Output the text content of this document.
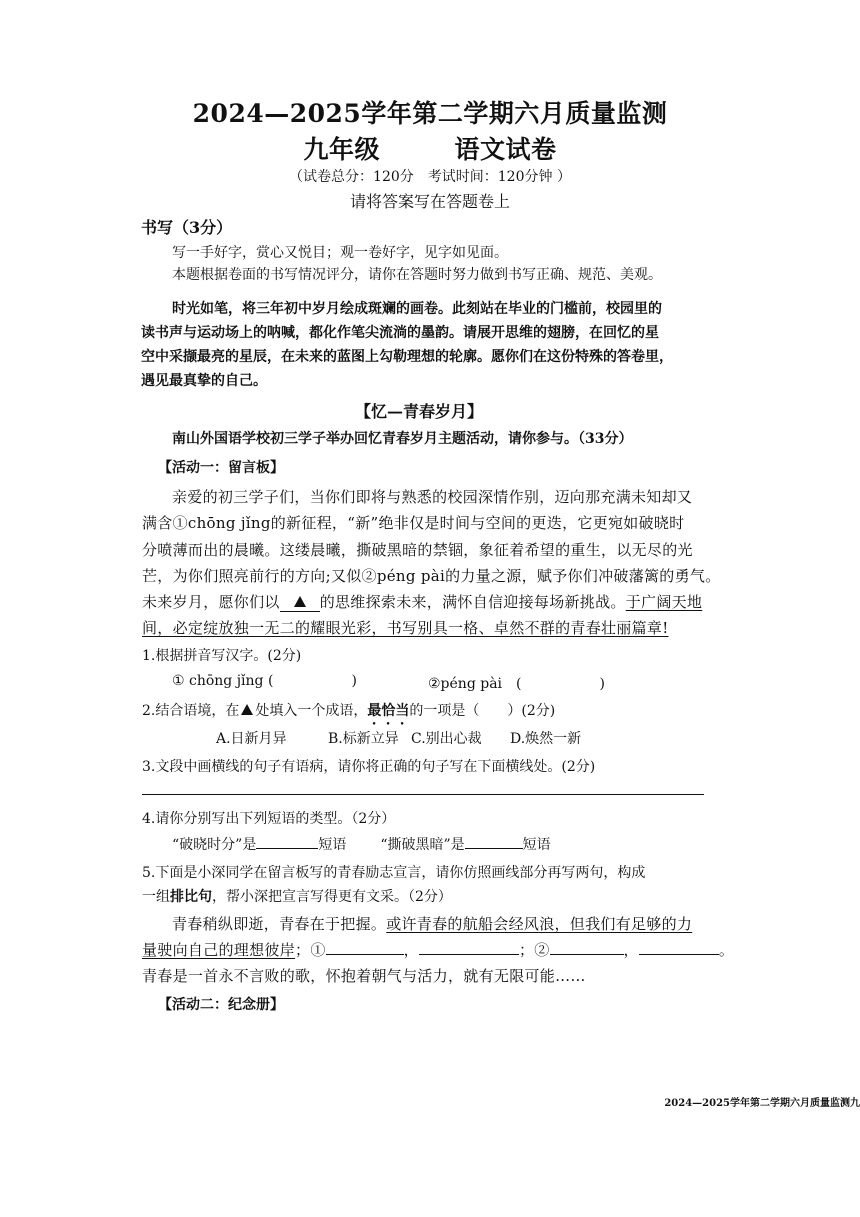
2024—2025学年第二学期六月质量监测
九年级	语文试卷
（试卷总分：120分　考试时间：120分钟 ）
请将答案写在答题卷上
书写（3分）
写一手好字，赏心又悦目；观一卷好字，见字如见面。
本题根据卷面的书写情况评分，请你在答题时努力做到书写正确、规范、美观。
时光如笔，将三年初中岁月绘成斑斓的画卷。此刻站在毕业的门槛前，校园里的
读书声与运动场上的呐喊，都化作笔尖流淌的墨韵。请展开思维的翅膀，在回忆的星
空中采撷最亮的星辰，在未来的蓝图上勾勒理想的轮廓。愿你们在这份特殊的答卷里，
遇见最真挚的自己。
【忆—青春岁月】
南山外国语学校初三学子举办回忆青春岁月主题活动，请你参与。（33分）
【活动一：留言板】
亲爱的初三学子们，当你们即将与熟悉的校园深情作别，迈向那充满未知却又
满含①chōng jǐng的新征程，“新”绝非仅是时间与空间的更迭，它更宛如破晓时
分喷薄而出的晨曦。这缕晨曦，撕破黑暗的禁锢，象征着希望的重生，以无尽的光
芒，为你们照亮前行的方向;又似②péng pài的力量之源，赋予你们冲破藩篱的勇气。
未来岁月，愿你们以	的思维探索未来，满怀自信迎接每场新挑战。于广阔天地
间，必定绽放独一无二的耀眼光彩，书写别具一格、卓然不群的青春壮丽篇章!
1.根据拼音写汉字。(2分)
① chōng jǐng (	)	②péng pài　(	)
2.结合语境，在 处填入一个成语，最恰当的一项是（　　）(2分)
A.日新月异	B.标新立异 C.别出心裁 D.焕然一新
3.文段中画横线的句子有语病，请你将正确的句子写在下面横线处。(2分)
4.请你分别写出下列短语的类型。（2分）
“破晓时分”是	短语 “撕破黑暗”是	短语
5.下面是小深同学在留言板写的青春励志宣言，请你仿照画线部分再写两句，构成
一组排比句，帮小深把宣言写得更有文采。（2分）
青春稍纵即逝，青春在于把握。或许青春的航船会经风浪，但我们有足够的力
量驶向自己的理想彼岸；①	，	；②	，	。
青春是一首永不言败的歌，怀抱着朝气与活力，就有无限可能……
【活动二：纪念册】
2024—2025学年第二学期六月质量监测九
